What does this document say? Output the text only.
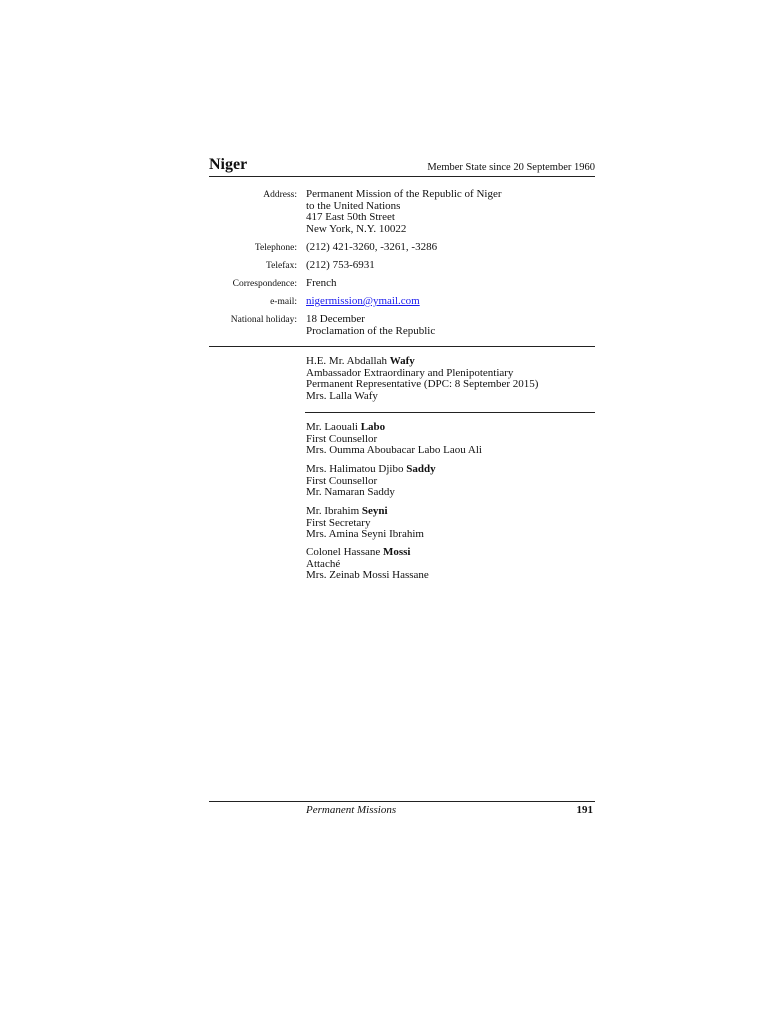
Niger	Member State since 20 September 1960
Address: Permanent Mission of the Republic of Niger
to the United Nations
417 East 50th Street
New York, N.Y. 10022
Telephone: (212) 421-3260, -3261, -3286
Telefax: (212) 753-6931
Correspondence: French
e-mail: nigermission@ymail.com
National holiday: 18 December
Proclamation of the Republic
H.E. Mr. Abdallah Wafy
Ambassador Extraordinary and Plenipotentiary
Permanent Representative (DPC: 8 September 2015)
Mrs. Lalla Wafy
Mr. Laouali Labo
First Counsellor
Mrs. Oumma Aboubacar Labo Laou Ali
Mrs. Halimatou Djibo Saddy
First Counsellor
Mr. Namaran Saddy
Mr. Ibrahim Seyni
First Secretary
Mrs. Amina Seyni Ibrahim
Colonel Hassane Mossi
Attaché
Mrs. Zeinab Mossi Hassane
Permanent Missions	191
